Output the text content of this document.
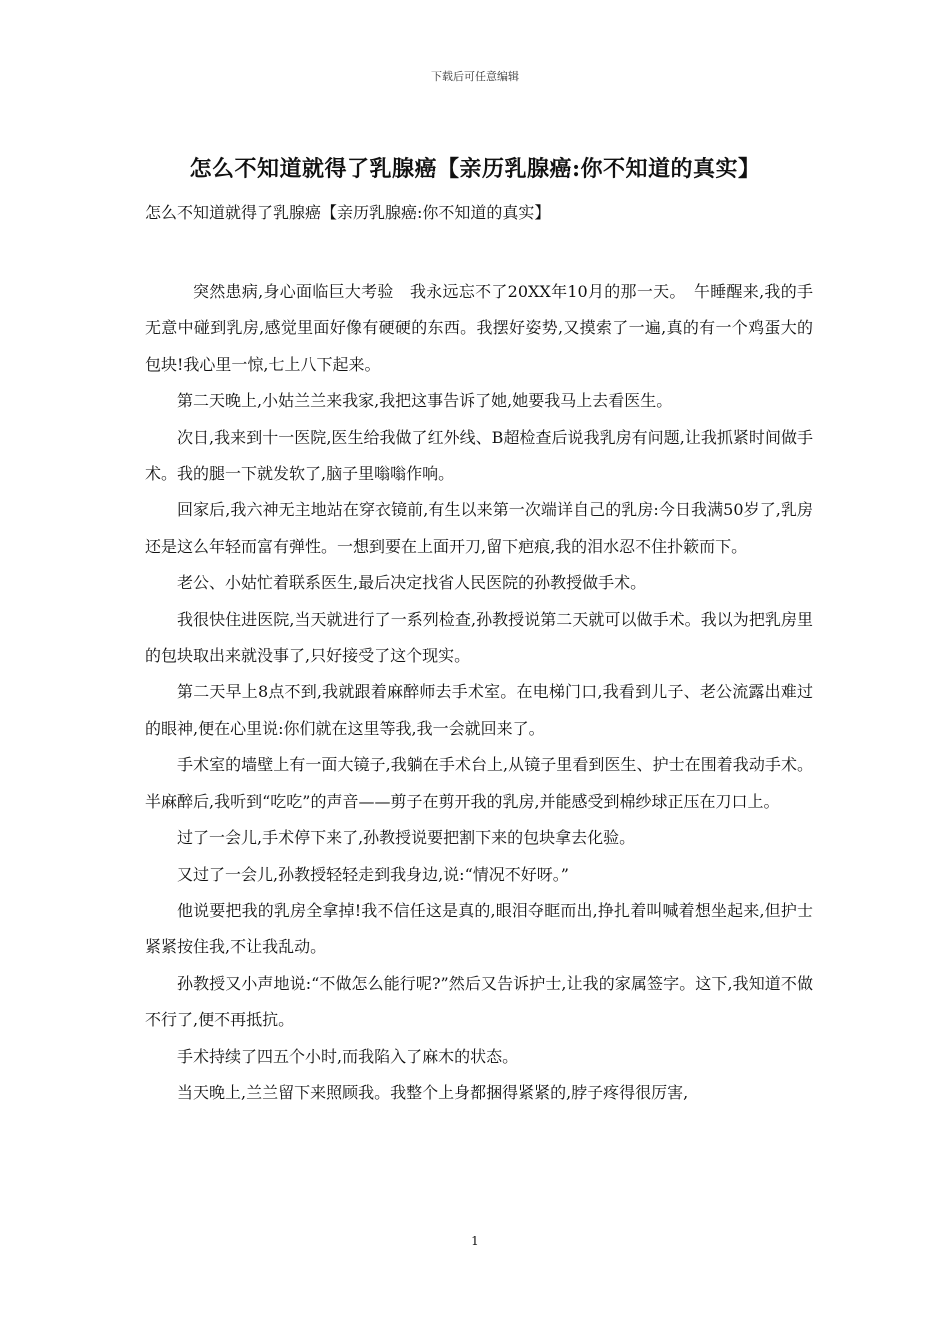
下载后可任意编辑
怎么不知道就得了乳腺癌【亲历乳腺癌:你不知道的真实】

怎么不知道就得了乳腺癌【亲历乳腺癌:你不知道的真实】

突然患病,身心面临巨大考验　我永远忘不了20XX年10月的那一天。　午睡醒来,我的手无意中碰到乳房,感觉里面好像有硬硬的东西。我摆好姿势,又摸索了一遍,真的有一个鸡蛋大的包块!我心里一惊,七上八下起来。

第二天晚上,小姑兰兰来我家,我把这事告诉了她,她要我马上去看医生。

次日,我来到十一医院,医生给我做了红外线、B超检查后说我乳房有问题,让我抓紧时间做手术。我的腿一下就发软了,脑子里嗡嗡作响。

回家后,我六神无主地站在穿衣镜前,有生以来第一次端详自己的乳房:今日我满50岁了,乳房还是这么年轻而富有弹性。一想到要在上面开刀,留下疤痕,我的泪水忍不住扑簌而下。

老公、小姑忙着联系医生,最后决定找省人民医院的孙教授做手术。

我很快住进医院,当天就进行了一系列检查,孙教授说第二天就可以做手术。我以为把乳房里的包块取出来就没事了,只好接受了这个现实。

第二天早上8点不到,我就跟着麻醉师去手术室。在电梯门口,我看到儿子、老公流露出难过的眼神,便在心里说:你们就在这里等我,我一会就回来了。

手术室的墙壁上有一面大镜子,我躺在手术台上,从镜子里看到医生、护士在围着我动手术。半麻醉后,我听到“吃吃”的声音——剪子在剪开我的乳房,并能感受到棉纱球正压在刀口上。

过了一会儿,手术停下来了,孙教授说要把割下来的包块拿去化验。

又过了一会儿,孙教授轻轻走到我身边,说:“情况不好呀。”

他说要把我的乳房全拿掉!我不信任这是真的,眼泪夺眶而出,挣扎着叫喊着想坐起来,但护士紧紧按住我,不让我乱动。

孙教授又小声地说:“不做怎么能行呢?”然后又告诉护士,让我的家属签字。这下,我知道不做不行了,便不再抵抗。

手术持续了四五个小时,而我陷入了麻木的状态。

当天晚上,兰兰留下来照顾我。我整个上身都捆得紧紧的,脖子疼得很厉害,

1
